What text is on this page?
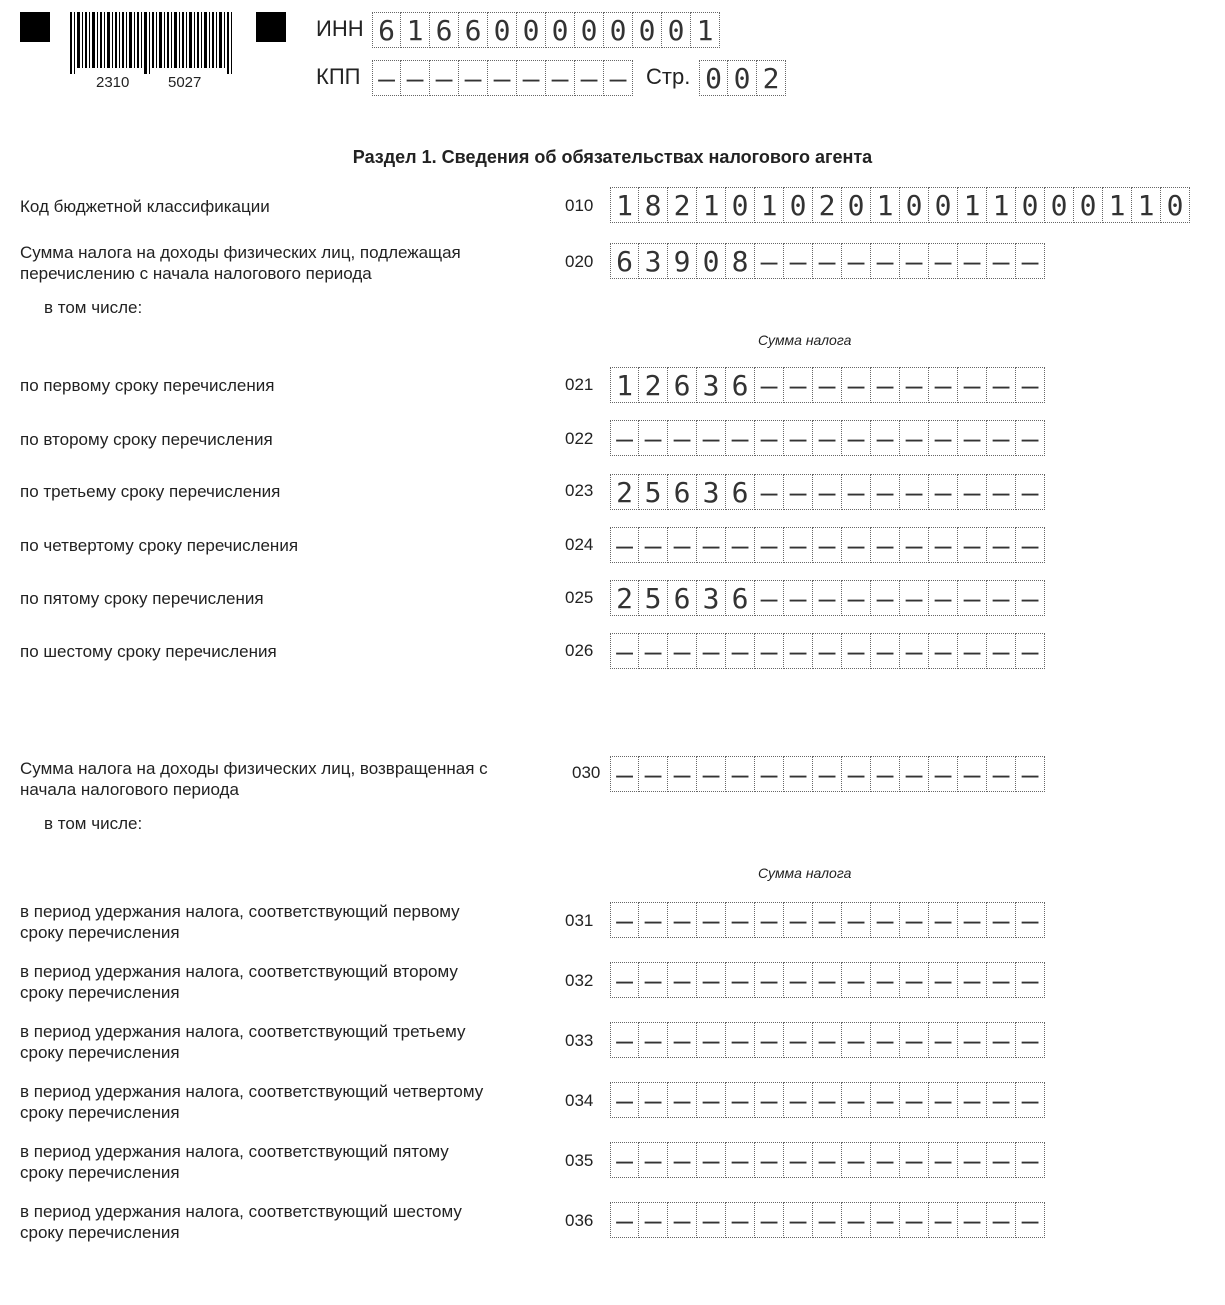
2310	5027
ИНН 6 1 6 6 0 0 0 0 0 0 0 1
КПП – – – – – – – – – Стр. 0 0 2
Раздел 1. Сведения об обязательствах налогового агента
в том числе:
Сумма налога
в том числе:
Сумма налога
Код бюджетной классификации	010 1 8 2 1 0 1 0 2 0 1 0 0 1 1 0 0 0 1 1 0
Сумма налога на доходы физических лиц, подлежащая
перечислению с начала налогового периода
020 6 3 9 0 8 – – – – – – – – – –
по первому сроку перечисления	021 1 2 6 3 6 – – – – – – – – – –
по второму сроку перечисления	022 – – – – – – – – – – – – – – –
по третьему сроку перечисления	023 2 5 6 3 6 – – – – – – – – – –
по четвертому сроку перечисления	024 – – – – – – – – – – – – – – –
по пятому сроку перечисления	025 2 5 6 3 6 – – – – – – – – – –
по шестому сроку перечисления	026 – – – – – – – – – – – – – – –
Сумма налога на доходы физических лиц, возвращенная с
начала налогового периода
030 – – – – – – – – – – – – – – –
в период удержания налога, соответствующий первому
сроку перечисления
031 – – – – – – – – – – – – – – –
в период удержания налога, соответствующий второму
сроку перечисления
032 – – – – – – – – – – – – – – –
в период удержания налога, соответствующий третьему
сроку перечисления
033 – – – – – – – – – – – – – – –
в период удержания налога, соответствующий четвертому
сроку перечисления
034 – – – – – – – – – – – – – – –
в период удержания налога, соответствующий пятому
сроку перечисления
035 – – – – – – – – – – – – – – –
в период удержания налога, соответствующий шестому
сроку перечисления
036 – – – – – – – – – – – – – – –
